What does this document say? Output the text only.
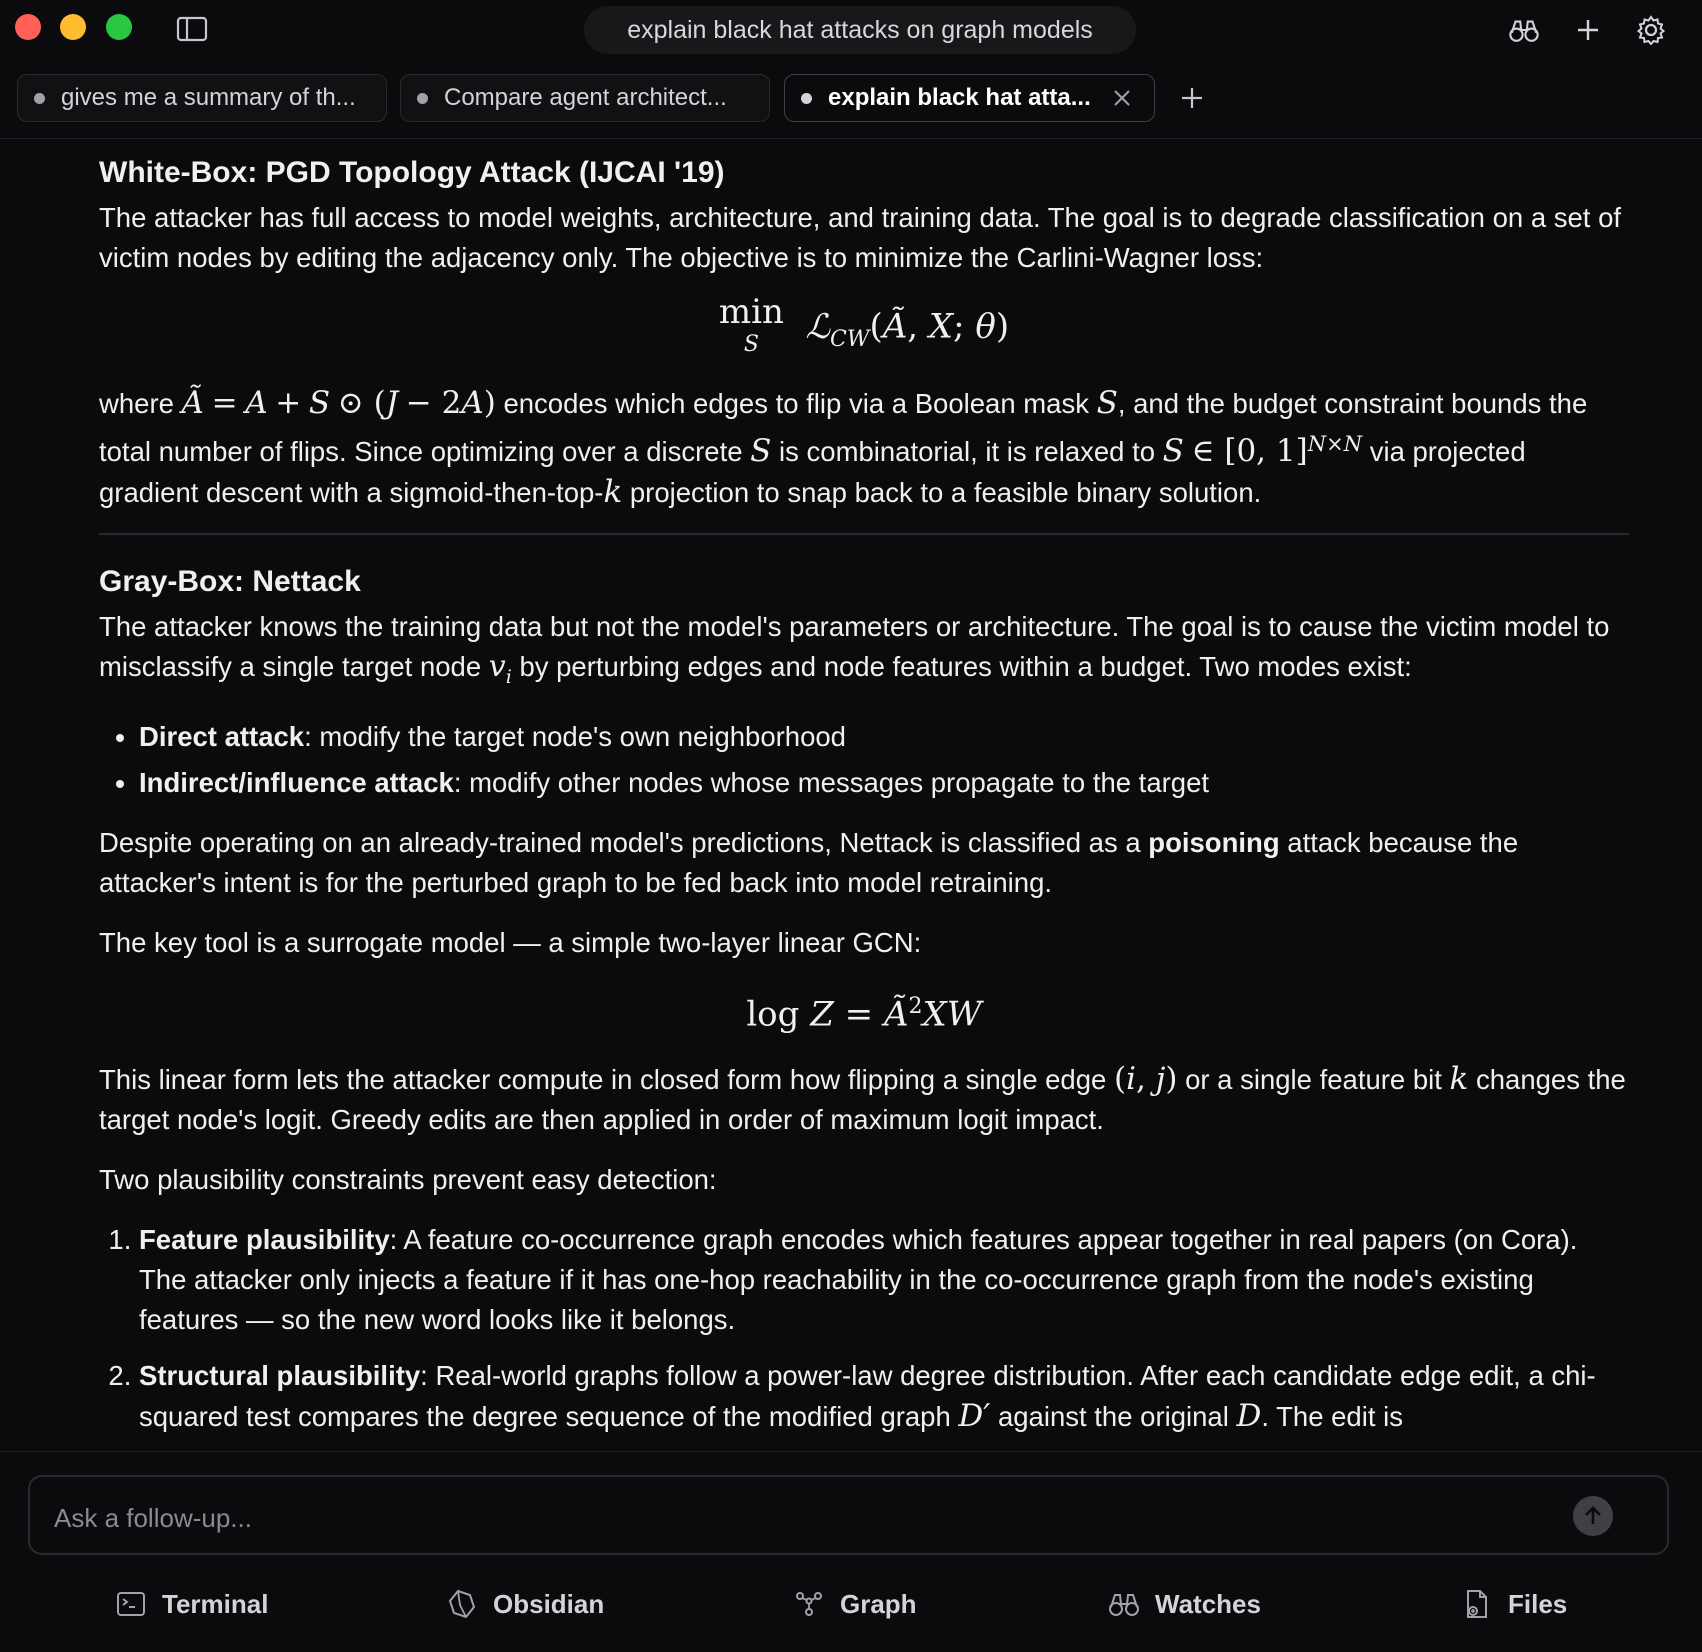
explain black hat attacks on graph models
gives me a summary of th...	Compare agent architect...	explain black hat atta...
White-Box: PGD Topology Attack (IJCAI '19)

The attacker has full access to model weights, architecture, and training data. The goal is to degrade classification on a set of victim nodes by editing the adjacency only. The objective is to minimize the Carlini-Wagner loss:

min
S ℒ$_{CW}$(Ã, X; θ)

where Ã = A + S ⊙ (J − 2A) encodes which edges to flip via a Boolean mask S, and the budget constraint bounds the total number of flips. Since optimizing over a discrete S is combinatorial, it is relaxed to S ∈ [0, 1]$^{N\times N}$ via projected gradient descent with a sigmoid-then-top-k projection to snap back to a feasible binary solution.

Gray-Box: Nettack

The attacker knows the training data but not the model's parameters or architecture. The goal is to cause the victim model to misclassify a single target node $v_i$ by perturbing edges and node features within a budget. Two modes exist:

• Direct attack: modify the target node's own neighborhood
• Indirect/influence attack: modify other nodes whose messages propagate to the target

Despite operating on an already-trained model's predictions, Nettack is classified as a poisoning attack because the attacker's intent is for the perturbed graph to be fed back into model retraining.

The key tool is a surrogate model — a simple two-layer linear GCN:

$\log Z = Ã^2XW$

This linear form lets the attacker compute in closed form how flipping a single edge (i, j) or a single feature bit k changes the target node's logit. Greedy edits are then applied in order of maximum logit impact.

Two plausibility constraints prevent easy detection:

1. Feature plausibility: A feature co-occurrence graph encodes which features appear together in real papers (on Cora). The attacker only injects a feature if it has one-hop reachability in the co-occurrence graph from the node's existing features — so the new word looks like it belongs.
2. Structural plausibility: Real-world graphs follow a power-law degree distribution. After each candidate edge edit, a chi-squared test compares the degree sequence of the modified graph D′ against the original D. The edit is
Ask a follow-up...
Terminal	Obsidian	Graph	Watches	Files
